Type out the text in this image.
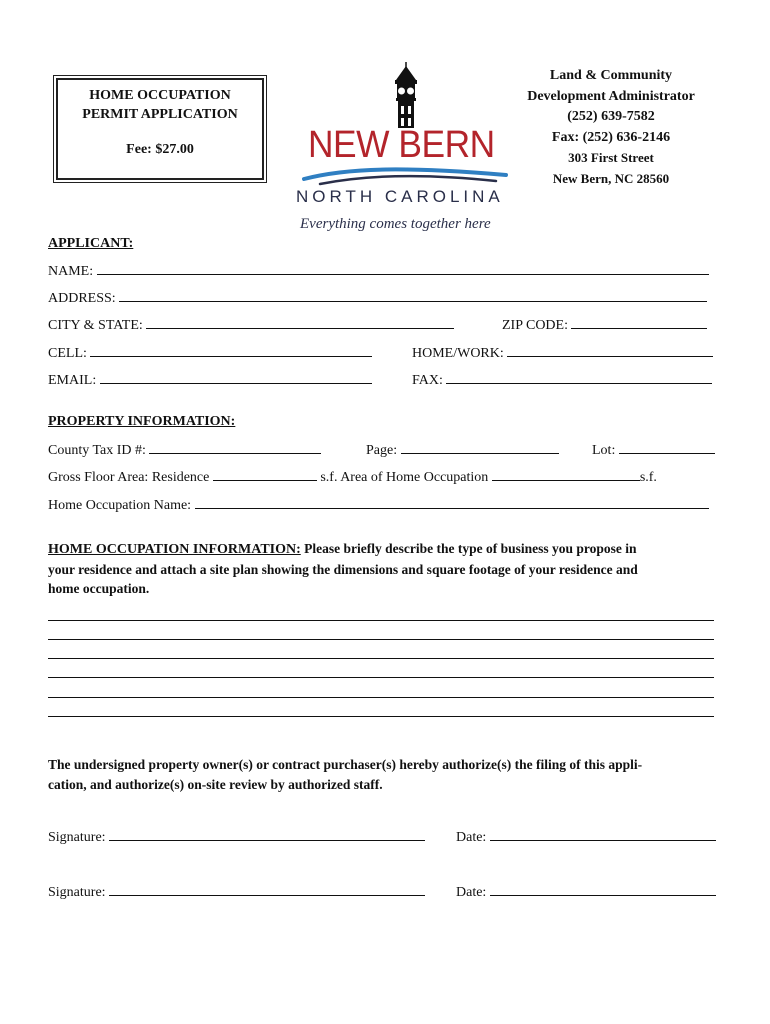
HOME OCCUPATION
PERMIT APPLICATION
Fee: $27.00	NEW BERN
NORTH CAROLINA
Everything comes together here
Land & Community
Development Administrator
(252) 639-7582
Fax: (252) 636-2146
303 First Street
New Bern, NC 28560
APPLICANT:
NAME:
ADDRESS:
CITY & STATE:	ZIP CODE:
CELL:	HOME/WORK:
EMAIL:	FAX:
PROPERTY INFORMATION:
County Tax ID #:	Page:	Lot:
Gross Floor Area: Residence	s.f. Area of Home Occupation	s.f.
Home Occupation Name:
HOME OCCUPATION INFORMATION: Please briefly describe the type of business you propose in
your residence and attach a site plan showing the dimensions and square footage of your residence and
home occupation.
The undersigned property owner(s) or contract purchaser(s) hereby authorize(s) the filing of this appli-
cation, and authorize(s) on-site review by authorized staff.
Signature:	Date:
Signature:	Date:
